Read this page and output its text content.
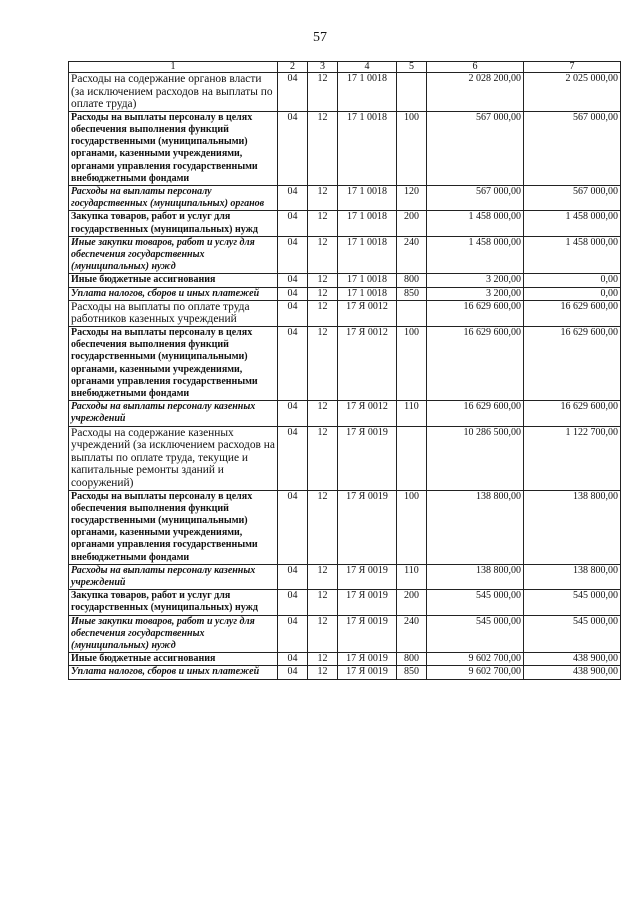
57
1	2	3	4	5	6	7
Расходы на содержание органов власти (за исключением расходов на выплаты по оплате труда)	04	12	17 1 0018		2 028 200,00	2 025 000,00
Расходы на выплаты персоналу в целях обеспечения выполнения функций государственными (муниципальными) органами, казенными учреждениями, органами управления государственными внебюджетными фондами	04	12	17 1 0018	100	567 000,00	567 000,00
Расходы на выплаты персоналу государственных (муниципальных) органов	04	12	17 1 0018	120	567 000,00	567 000,00
Закупка товаров, работ и услуг для государственных (муниципальных) нужд	04	12	17 1 0018	200	1 458 000,00	1 458 000,00
Иные закупки товаров, работ и услуг для обеспечения государственных (муниципальных) нужд	04	12	17 1 0018	240	1 458 000,00	1 458 000,00
Иные бюджетные ассигнования	04	12	17 1 0018	800	3 200,00	0,00
Уплата налогов, сборов и иных платежей	04	12	17 1 0018	850	3 200,00	0,00
Расходы на выплаты по оплате труда работников казенных учреждений	04	12	17 Я 0012		16 629 600,00	16 629 600,00
Расходы на выплаты персоналу в целях обеспечения выполнения функций государственными (муниципальными) органами, казенными учреждениями, органами управления государственными внебюджетными фондами	04	12	17 Я 0012	100	16 629 600,00	16 629 600,00
Расходы на выплаты персоналу казенных учреждений	04	12	17 Я 0012	110	16 629 600,00	16 629 600,00
Расходы на содержание казенных учреждений (за исключением расходов на выплаты по оплате труда, текущие и капитальные ремонты зданий и сооружений)	04	12	17 Я 0019		10 286 500,00	1 122 700,00
Расходы на выплаты персоналу в целях обеспечения выполнения функций государственными (муниципальными) органами, казенными учреждениями, органами управления государственными внебюджетными фондами	04	12	17 Я 0019	100	138 800,00	138 800,00
Расходы на выплаты персоналу казенных учреждений	04	12	17 Я 0019	110	138 800,00	138 800,00
Закупка товаров, работ и услуг для государственных (муниципальных) нужд	04	12	17 Я 0019	200	545 000,00	545 000,00
Иные закупки товаров, работ и услуг для обеспечения государственных (муниципальных) нужд	04	12	17 Я 0019	240	545 000,00	545 000,00
Иные бюджетные ассигнования	04	12	17 Я 0019	800	9 602 700,00	438 900,00
Уплата налогов, сборов и иных платежей	04	12	17 Я 0019	850	9 602 700,00	438 900,00
